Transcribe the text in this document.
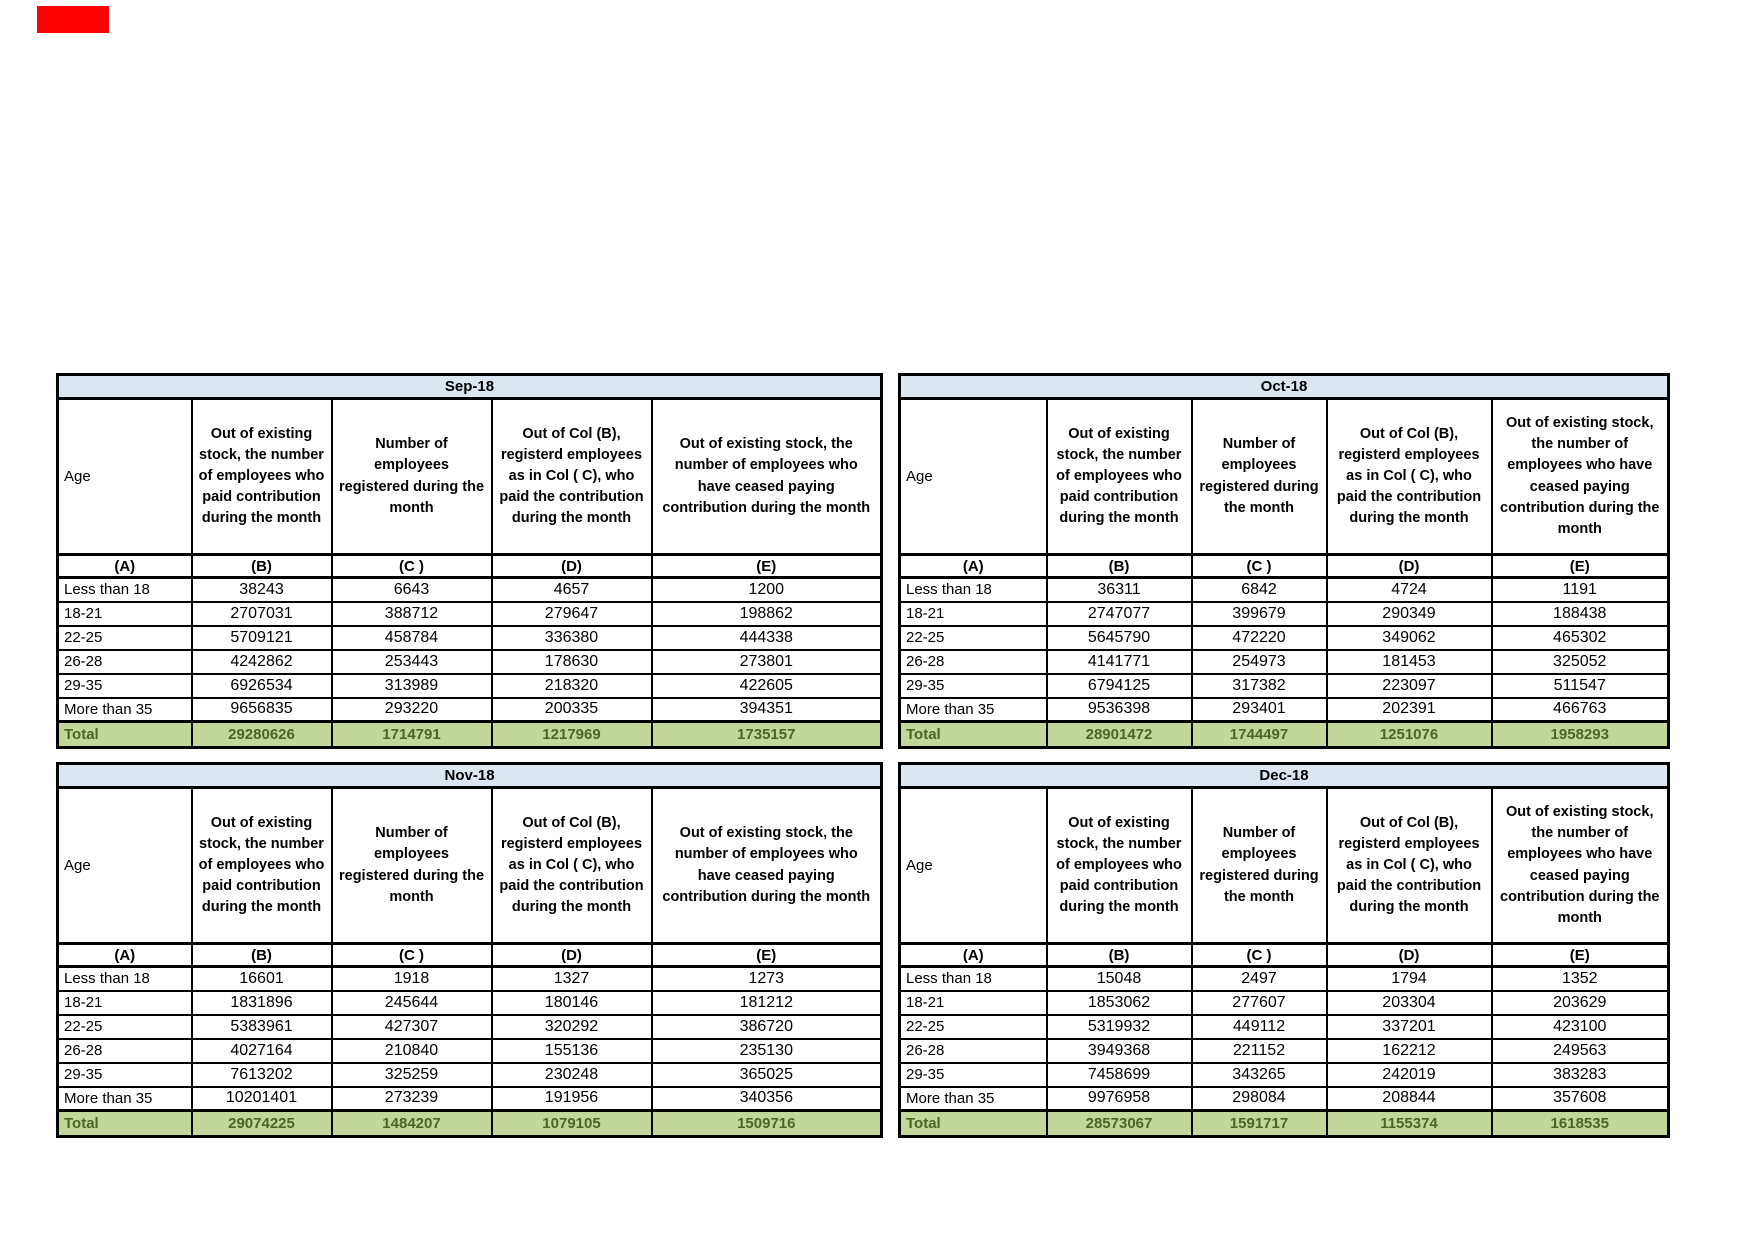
Sep-18				
Age	Out of existing stock, the number of employees who paid contribution during the month	Number of employees registered during the month	Out of Col (B), registerd employees as in Col ( C), who paid the contribution during the month	Out of existing stock, the number of employees who have ceased paying contribution during the month
(A)	(B)	(C )	(D)	(E)
Less than 18	38243	6643	4657	1200
18-21	2707031	388712	279647	198862
22-25	5709121	458784	336380	444338
26-28	4242862	253443	178630	273801
29-35	6926534	313989	218320	422605
More than 35	9656835	293220	200335	394351
Total	29280626	1714791	1217969	1735157
Oct-18				
Age	Out of existing stock, the number of employees who paid contribution during the month	Number of employees registered during the month	Out of Col (B), registerd employees as in Col ( C), who paid the contribution during the month	Out of existing stock, the number of employees who have ceased paying contribution during the month
(A)	(B)	(C )	(D)	(E)
Less than 18	36311	6842	4724	1191
18-21	2747077	399679	290349	188438
22-25	5645790	472220	349062	465302
26-28	4141771	254973	181453	325052
29-35	6794125	317382	223097	511547
More than 35	9536398	293401	202391	466763
Total	28901472	1744497	1251076	1958293
Nov-18				
Age	Out of existing stock, the number of employees who paid contribution during the month	Number of employees registered during the month	Out of Col (B), registerd employees as in Col ( C), who paid the contribution during the month	Out of existing stock, the number of employees who have ceased paying contribution during the month
(A)	(B)	(C )	(D)	(E)
Less than 18	16601	1918	1327	1273
18-21	1831896	245644	180146	181212
22-25	5383961	427307	320292	386720
26-28	4027164	210840	155136	235130
29-35	7613202	325259	230248	365025
More than 35	10201401	273239	191956	340356
Total	29074225	1484207	1079105	1509716
Dec-18				
Age	Out of existing stock, the number of employees who paid contribution during the month	Number of employees registered during the month	Out of Col (B), registerd employees as in Col ( C), who paid the contribution during the month	Out of existing stock, the number of employees who have ceased paying contribution during the month
(A)	(B)	(C )	(D)	(E)
Less than 18	15048	2497	1794	1352
18-21	1853062	277607	203304	203629
22-25	5319932	449112	337201	423100
26-28	3949368	221152	162212	249563
29-35	7458699	343265	242019	383283
More than 35	9976958	298084	208844	357608
Total	28573067	1591717	1155374	1618535
